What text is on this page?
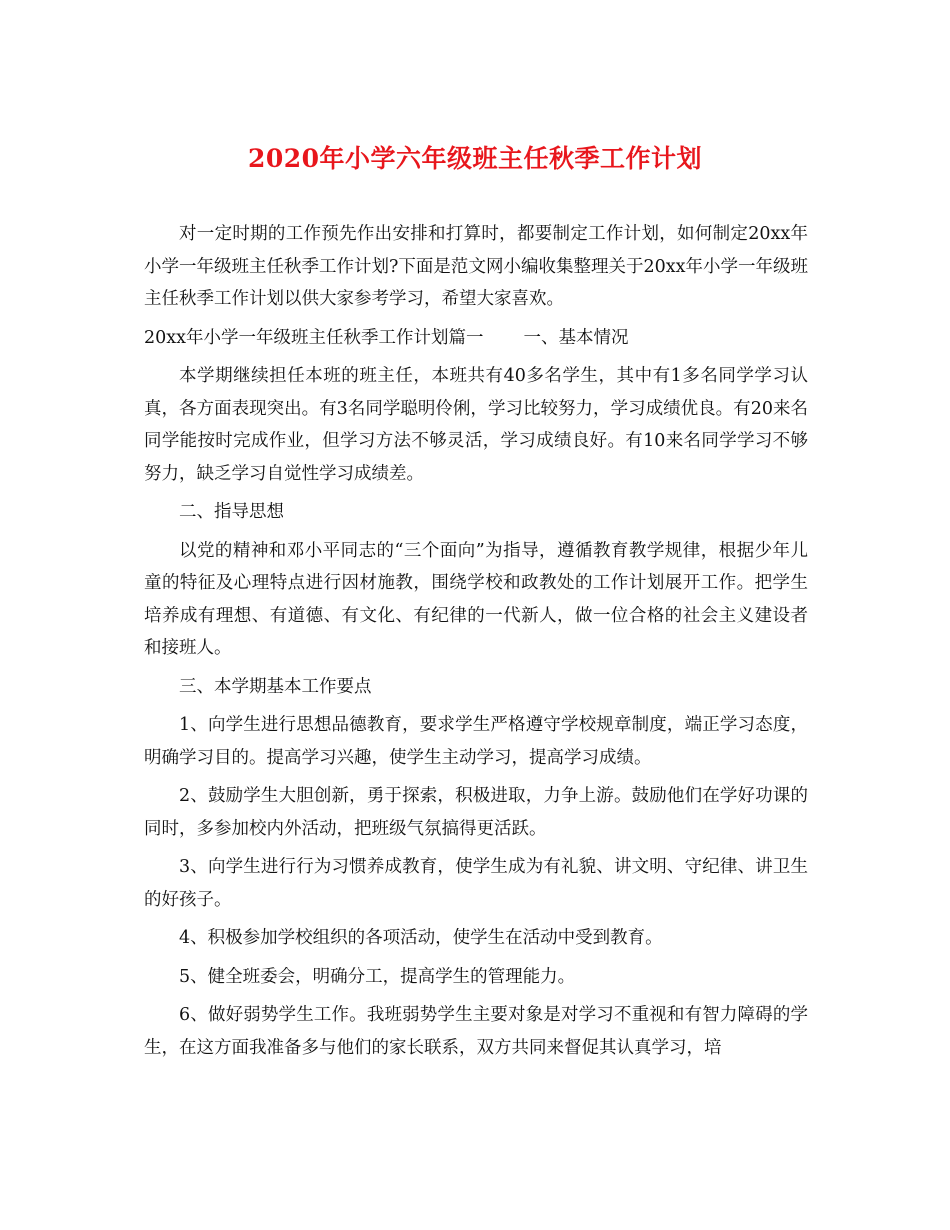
2020年小学六年级班主任秋季工作计划

对一定时期的工作预先作出安排和打算时，都要制定工作计划，如何制定20xx年小学一年级班主任秋季工作计划?下面是范文网小编收集整理关于20xx年小学一年级班主任秋季工作计划以供大家参考学习，希望大家喜欢。

20xx年小学一年级班主任秋季工作计划篇一 一、基本情况

本学期继续担任本班的班主任，本班共有40多名学生，其中有1多名同学学习认真，各方面表现突出。有3名同学聪明伶俐，学习比较努力，学习成绩优良。有20来名同学能按时完成作业，但学习方法不够灵活，学习成绩良好。有10来名同学学习不够努力，缺乏学习自觉性学习成绩差。

二、指导思想

以党的精神和邓小平同志的“三个面向”为指导，遵循教育教学规律，根据少年儿童的特征及心理特点进行因材施教，围绕学校和政教处的工作计划展开工作。把学生培养成有理想、有道德、有文化、有纪律的一代新人，做一位合格的社会主义建设者和接班人。

三、本学期基本工作要点

1、向学生进行思想品德教育，要求学生严格遵守学校规章制度，端正学习态度，明确学习目的。提高学习兴趣，使学生主动学习，提高学习成绩。

2、鼓励学生大胆创新，勇于探索，积极进取，力争上游。鼓励他们在学好功课的同时，多参加校内外活动，把班级气氛搞得更活跃。

3、向学生进行行为习惯养成教育，使学生成为有礼貌、讲文明、守纪律、讲卫生的好孩子。

4、积极参加学校组织的各项活动，使学生在活动中受到教育。

5、健全班委会，明确分工，提高学生的管理能力。

6、做好弱势学生工作。我班弱势学生主要对象是对学习不重视和有智力障碍的学生，在这方面我准备多与他们的家长联系，双方共同来督促其认真学习，培
